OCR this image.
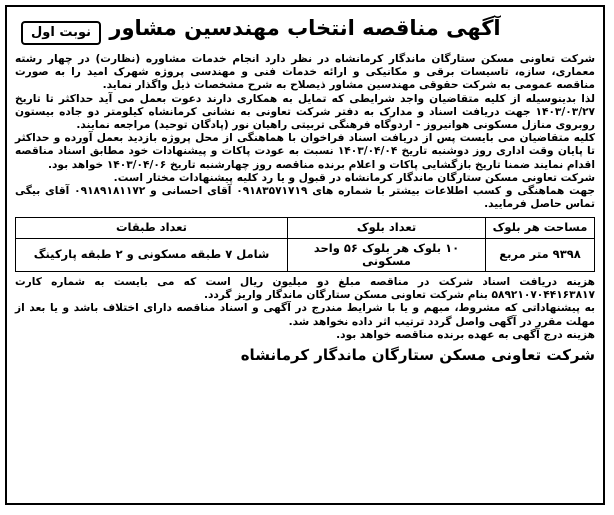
آگهی مناقصه انتخاب مهندسین مشاور
نوبت اول

شرکت تعاونی مسکن ستارگان ماندگار کرمانشاه در نظر دارد انجام خدمات مشاوره (نظارت) در چهار رشته معماری، سازه، تاسیسات برقی و مکانیکی و ارائه خدمات فنی و مهندسی پروژه شهرک امید را به صورت مناقصه عمومی به شرکت حقوقی مهندسین مشاور ذیصلاح به شرح مشخصات ذیل واگذار نماید.

لذا بدینوسیله از کلیه متقاضیان واجد شرایطی که تمایل به همکاری دارند دعوت بعمل می آید حداکثر تا تاریخ ۱۴۰۳/۰۳/۲۷ جهت دریافت اسناد و مدارک به دفتر شرکت تعاونی به نشانی کرمانشاه کیلومتر دو جاده بیستون روبروی منازل مسکونی هوانیروز - اردوگاه فرهنگی تربیتی راهیان نور (پادگان توحید) مراجعه نمایند.

کلیه متقاضیان می بایست پس از دریافت اسناد فراخوان با هماهنگی از محل پروژه بازدید بعمل آورده و حداکثر تا پایان وقت اداری روز دوشنبه تاریخ ۱۴۰۳/۰۴/۰۴ نسبت به عودت پاکات و پیشنهادات خود مطابق اسناد مناقصه اقدام نمایند ضمنا تاریخ بازگشایی پاکات و اعلام برنده مناقصه روز چهارشنبه تاریخ ۱۴۰۳/۰۴/۰۶ خواهد بود.

شرکت تعاونی مسکن ستارگان ماندگار کرمانشاه در قبول و یا رد کلیه پیشنهادات مختار است.

جهت هماهنگی و کسب اطلاعات بیشتر با شماره های ۰۹۱۸۳۵۷۱۷۱۹ آقای احسانی و ۰۹۱۸۹۱۸۱۱۷۲ آقای بیگی تماس حاصل فرمایید.

مساحت هر بلوک	تعداد بلوک	تعداد طبقات
۹۳۹۸ متر مربع	۱۰ بلوک هر بلوک ۵۶ واحد مسکونی	شامل ۷ طبقه مسکونی و ۲ طبقه پارکینگ

هزینه دریافت اسناد شرکت در مناقصه مبلغ دو میلیون ریال است که می بایست به شماره کارت ۵۸۹۲۱۰۷۰۴۴۱۶۳۸۱۷ بنام شرکت تعاونی مسکن ستارگان ماندگار واریز گردد.

به پیشنهاداتی که مشروط، مبهم و یا با شرایط مندرج در آگهی و اسناد مناقصه دارای اختلاف باشد و یا بعد از مهلت مقرر در آگهی واصل گردد ترتیب اثر داده نخواهد شد.

هزینه درج آگهی به عهده برنده مناقصه خواهد بود.

شرکت تعاونی مسکن ستارگان ماندگار کرمانشاه
